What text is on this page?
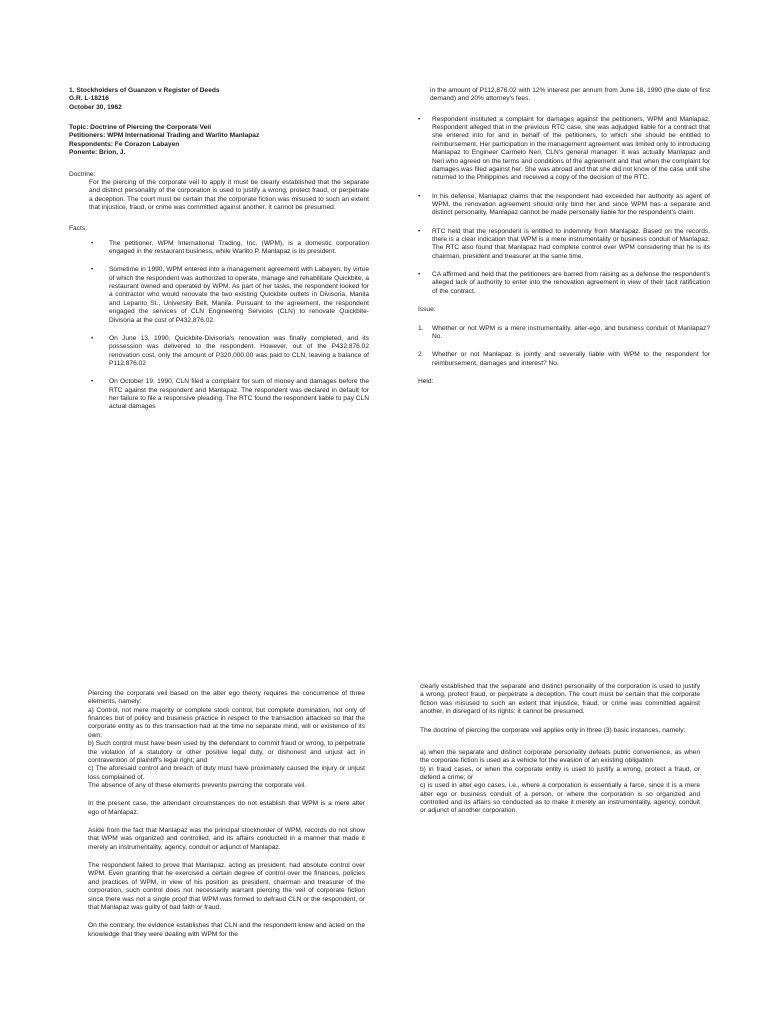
1. Stockholders of Guanzon v Register of Deeds

G.R. L-18216

October 30, 1962

Topic: Doctrine of Piercing the Corporate Veil

Petitioners: WPM International Trading and Warlito Manlapaz

Respondents: Fe Corazon Labayen

Ponente: Brion, J.

Doctrine:

For the piercing of the corporate veil to apply it must be clearly established that the separate and distinct personality of the corporation is used to justify a wrong, protect fraud, or perpetrate a deception. The court must be certain that the corporate fiction was misused to such an extent that injustice, fraud, or crime was committed against another. It cannot be presumed.

Facts:

• The petitioner, WPM International Trading, Inc. (WPM), is a domestic corporation engaged in the restaurant business, while Warlito P. Manlapaz is its president.
• Sometime in 1990, WPM entered into a management agreement with Labayen, by virtue of which the respondent was authorized to operate, manage and rehabilitate Quickbite, a restaurant owned and operated by WPM. As part of her tasks, the respondent looked for a contractor who would renovate the two existing Quickbite outlets in Divisoria, Manila and Lepanto St., University Belt, Manila. Pursuant to the agreement, the respondent engaged the services of CLN Engineering Services (CLN) to renovate Quickbite-Divisoria at the cost of P432,876.02.
• On June 13, 1990, Quickbite-Divisoria's renovation was finally completed, and its possession was delivered to the respondent. However, out of the P432,876.02 renovation cost, only the amount of P320,000.00 was paid to CLN, leaving a balance of P112,876.02
• On October 19, 1990, CLN filed a complaint for sum of money and damages before the RTC against the respondent and Manlapaz. The respondent was declared in default for her failure to file a responsive pleading. The RTC found the respondent liable to pay CLN actual damages

in the amount of P112,876.02 with 12% interest per annum from June 18, 1990 (the date of first demand) and 20% attorney's fees.

• Respondent instituted a complaint for damages against the petitioners, WPM and Manlapaz. Respondent alleged that in the previous RTC case, she was adjudged liable for a contract that she entered into for and in behalf of the petitioners, to which she should be entitled to reimbursement. Her participation in the management agreement was limited only to introducing Manlapaz to Engineer Carmelo Neri, CLN's general manager. It was actually Manlapaz and Neri who agreed on the terms and conditions of the agreement and that when the complaint for damages was filed against her. She was abroad and that she did not know of the case until she returned to the Philippines and received a copy of the decision of the RTC.
• In his defense, Manlapaz claims that the respondent had exceeded her authority as agent of WPM, the renovation agreement should only bind her and since WPM has a separate and distinct personality, Manlapaz cannot be made personally liable for the respondent's claim.
• RTC held that the respondent is entitled to indemnity from Manlapaz. Based on the records, there is a clear indication that WPM is a mere instrumentality or business conduit of Manlapaz. The RTC also found that Manlapaz had complete control over WPM considering that he is its chairman, president and treasurer at the same time.
• CA affirmed and held that the petitioners are barred from raising as a defense the respondent's alleged lack of authority to enter into the renovation agreement in view of their tacit ratification of the contract.

Issue:

1. Whether or not WPM is a mere instrumentality, alter-ego, and business conduit of Manlapaz? No.
2. Whether or not Manlapaz is jointly and severally liable with WPM to the respondent for reimbursement, damages and interest? No.

Held:

Piercing the corporate veil based on the alter ego theory requires the concurrence of three elements, namely:

a) Control, not mere majority or complete stock control, but complete domination, not only of finances but of policy and business practice in respect to the transaction attacked so that the corporate entity as to this transaction had at the time no separate mind, will or existence of its own;

b) Such control must have been used by the defendant to commit fraud or wrong, to perpetrate the violation of a statutory or other positive legal duty, or dishonest and unjust act in contravention of plaintiff's legal right; and

c) The aforesaid control and breach of duty must have proximately caused the injury or unjust loss complained of.

The absence of any of these elements prevents piercing the corporate veil.

In the present case, the attendant circumstances do not establish that WPM is a mere alter ego of Manlapaz.

Aside from the fact that Manlapaz was the principal stockholder of WPM, records do not show that WPM was organized and controlled, and its affairs conducted in a manner that made it merely an instrumentality, agency, conduit or adjunct of Manlapaz.

The respondent failed to prove that Manlapaz, acting as president, had absolute control over WPM. Even granting that he exercised a certain degree of control over the finances, policies and practices of WPM, in view of his position as president, chairman and treasurer of the corporation, such control does not necessarily warrant piercing the veil of corporate fiction since there was not a single proof that WPM was formed to defraud CLN or the respondent, or that Manlapaz was guilty of bad faith or fraud.

On the contrary, the evidence establishes that CLN and the respondent knew and acted on the knowledge that they were dealing with WPM for the

clearly established that the separate and distinct personality of the corporation is used to justify a wrong, protect fraud, or perpetrate a deception. The court must be certain that the corporate fiction was misused to such an extent that injustice, fraud, or crime was committed against another, in disregard of its rights; it cannot be presumed.

The doctrine of piercing the corporate veil applies only in three (3) basic instances, namely:

a) when the separate and distinct corporate personality defeats public convenience, as when the corporate fiction is used as a vehicle for the evasion of an existing obligation

b) in fraud cases, or when the corporate entity is used to justify a wrong, protect a fraud, or defend a crime; or

c) is used in alter ego cases, i.e., where a corporation is essentially a farce, since it is a mere alter ego or business conduit of a person, or where the corporation is so organized and controlled and its affairs so conducted as to make it merely an instrumentality, agency, conduit or adjunct of another corporation.
